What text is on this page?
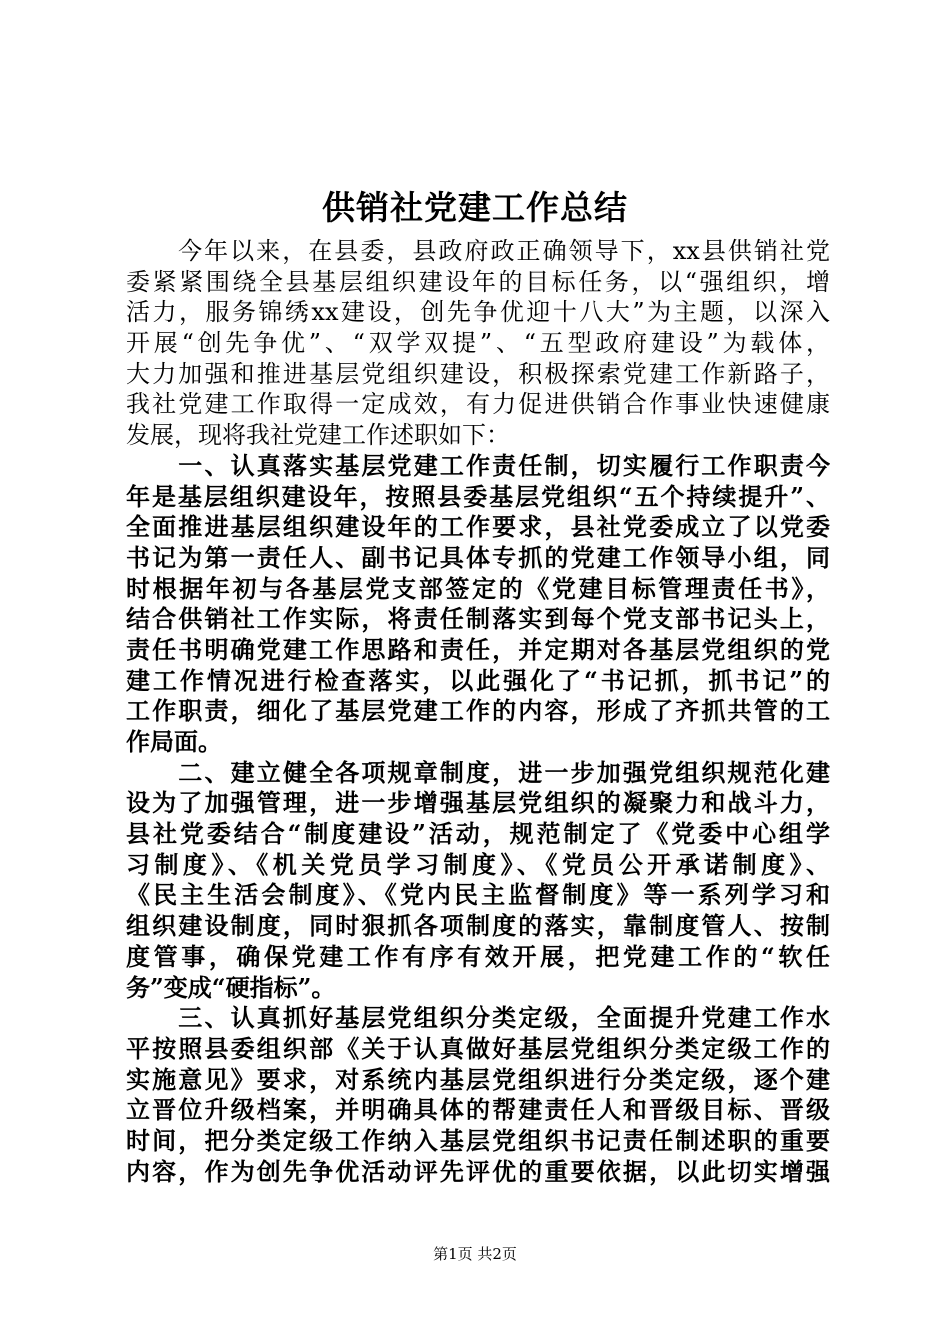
供销社党建工作总结
　　今年以来，在县委，县政府政正确领导下，xx县供销社党
委紧紧围绕全县基层组织建设年的目标任务，以“强组织，增
活力，服务锦绣xx建设，创先争优迎十八大”为主题，以深入
开展“创先争优”、“双学双提”、“五型政府建设”为载体，
大力加强和推进基层党组织建设，积极探索党建工作新路子，
我社党建工作取得一定成效，有力促进供销合作事业快速健康
发展，现将我社党建工作述职如下：
　　一、认真落实基层党建工作责任制，切实履行工作职责今
年是基层组织建设年，按照县委基层党组织“五个持续提升”、
全面推进基层组织建设年的工作要求，县社党委成立了以党委
书记为第一责任人、副书记具体专抓的党建工作领导小组，同
时根据年初与各基层党支部签定的《党建目标管理责任书》，
结合供销社工作实际，将责任制落实到每个党支部书记头上，
责任书明确党建工作思路和责任，并定期对各基层党组织的党
建工作情况进行检查落实，以此强化了“书记抓，抓书记”的
工作职责，细化了基层党建工作的内容，形成了齐抓共管的工
作局面。
　　二、建立健全各项规章制度，进一步加强党组织规范化建
设为了加强管理，进一步增强基层党组织的凝聚力和战斗力，
县社党委结合“制度建设”活动，规范制定了《党委中心组学
习制度》、《机关党员学习制度》、《党员公开承诺制度》、
《民主生活会制度》、《党内民主监督制度》等一系列学习和
组织建设制度，同时狠抓各项制度的落实，靠制度管人、按制
度管事，确保党建工作有序有效开展，把党建工作的“软任
务”变成“硬指标”。
　　三、认真抓好基层党组织分类定级，全面提升党建工作水
平按照县委组织部《关于认真做好基层党组织分类定级工作的
实施意见》要求，对系统内基层党组织进行分类定级，逐个建
立晋位升级档案，并明确具体的帮建责任人和晋级目标、晋级
时间，把分类定级工作纳入基层党组织书记责任制述职的重要
内容，作为创先争优活动评先评优的重要依据，以此切实增强
第1页 共2页
